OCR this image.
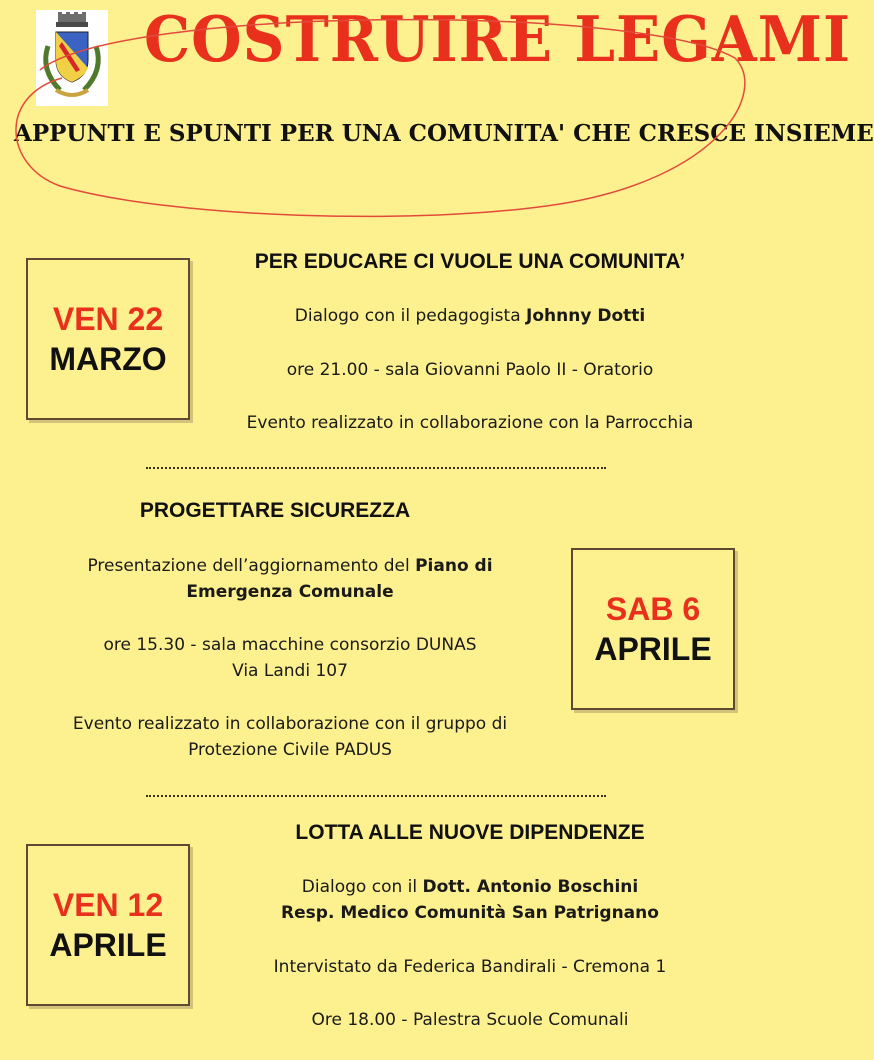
COSTRUIRE LEGAMI
APPUNTI E SPUNTI PER UNA COMUNITA' CHE CRESCE INSIEME
VEN 22
MARZO

PER EDUCARE CI VUOLE UNA COMUNITA’

Dialogo con il pedagogista Johnny Dotti

ore 21.00 - sala Giovanni Paolo II - Oratorio

Evento realizzato in collaborazione con la Parrocchia

PROGETTARE SICUREZZA

Presentazione dell’aggiornamento del Piano di

Emergenza Comunale

ore 15.30 - sala macchine consorzio DUNAS

Via Landi 107

Evento realizzato in collaborazione con il gruppo di

Protezione Civile PADUS

SAB 6
APRILE
VEN 12
APRILE

LOTTA ALLE NUOVE DIPENDENZE

Dialogo con il Dott. Antonio Boschini

Resp. Medico Comunità San Patrignano

Intervistato da Federica Bandirali - Cremona 1

Ore 18.00 - Palestra Scuole Comunali
